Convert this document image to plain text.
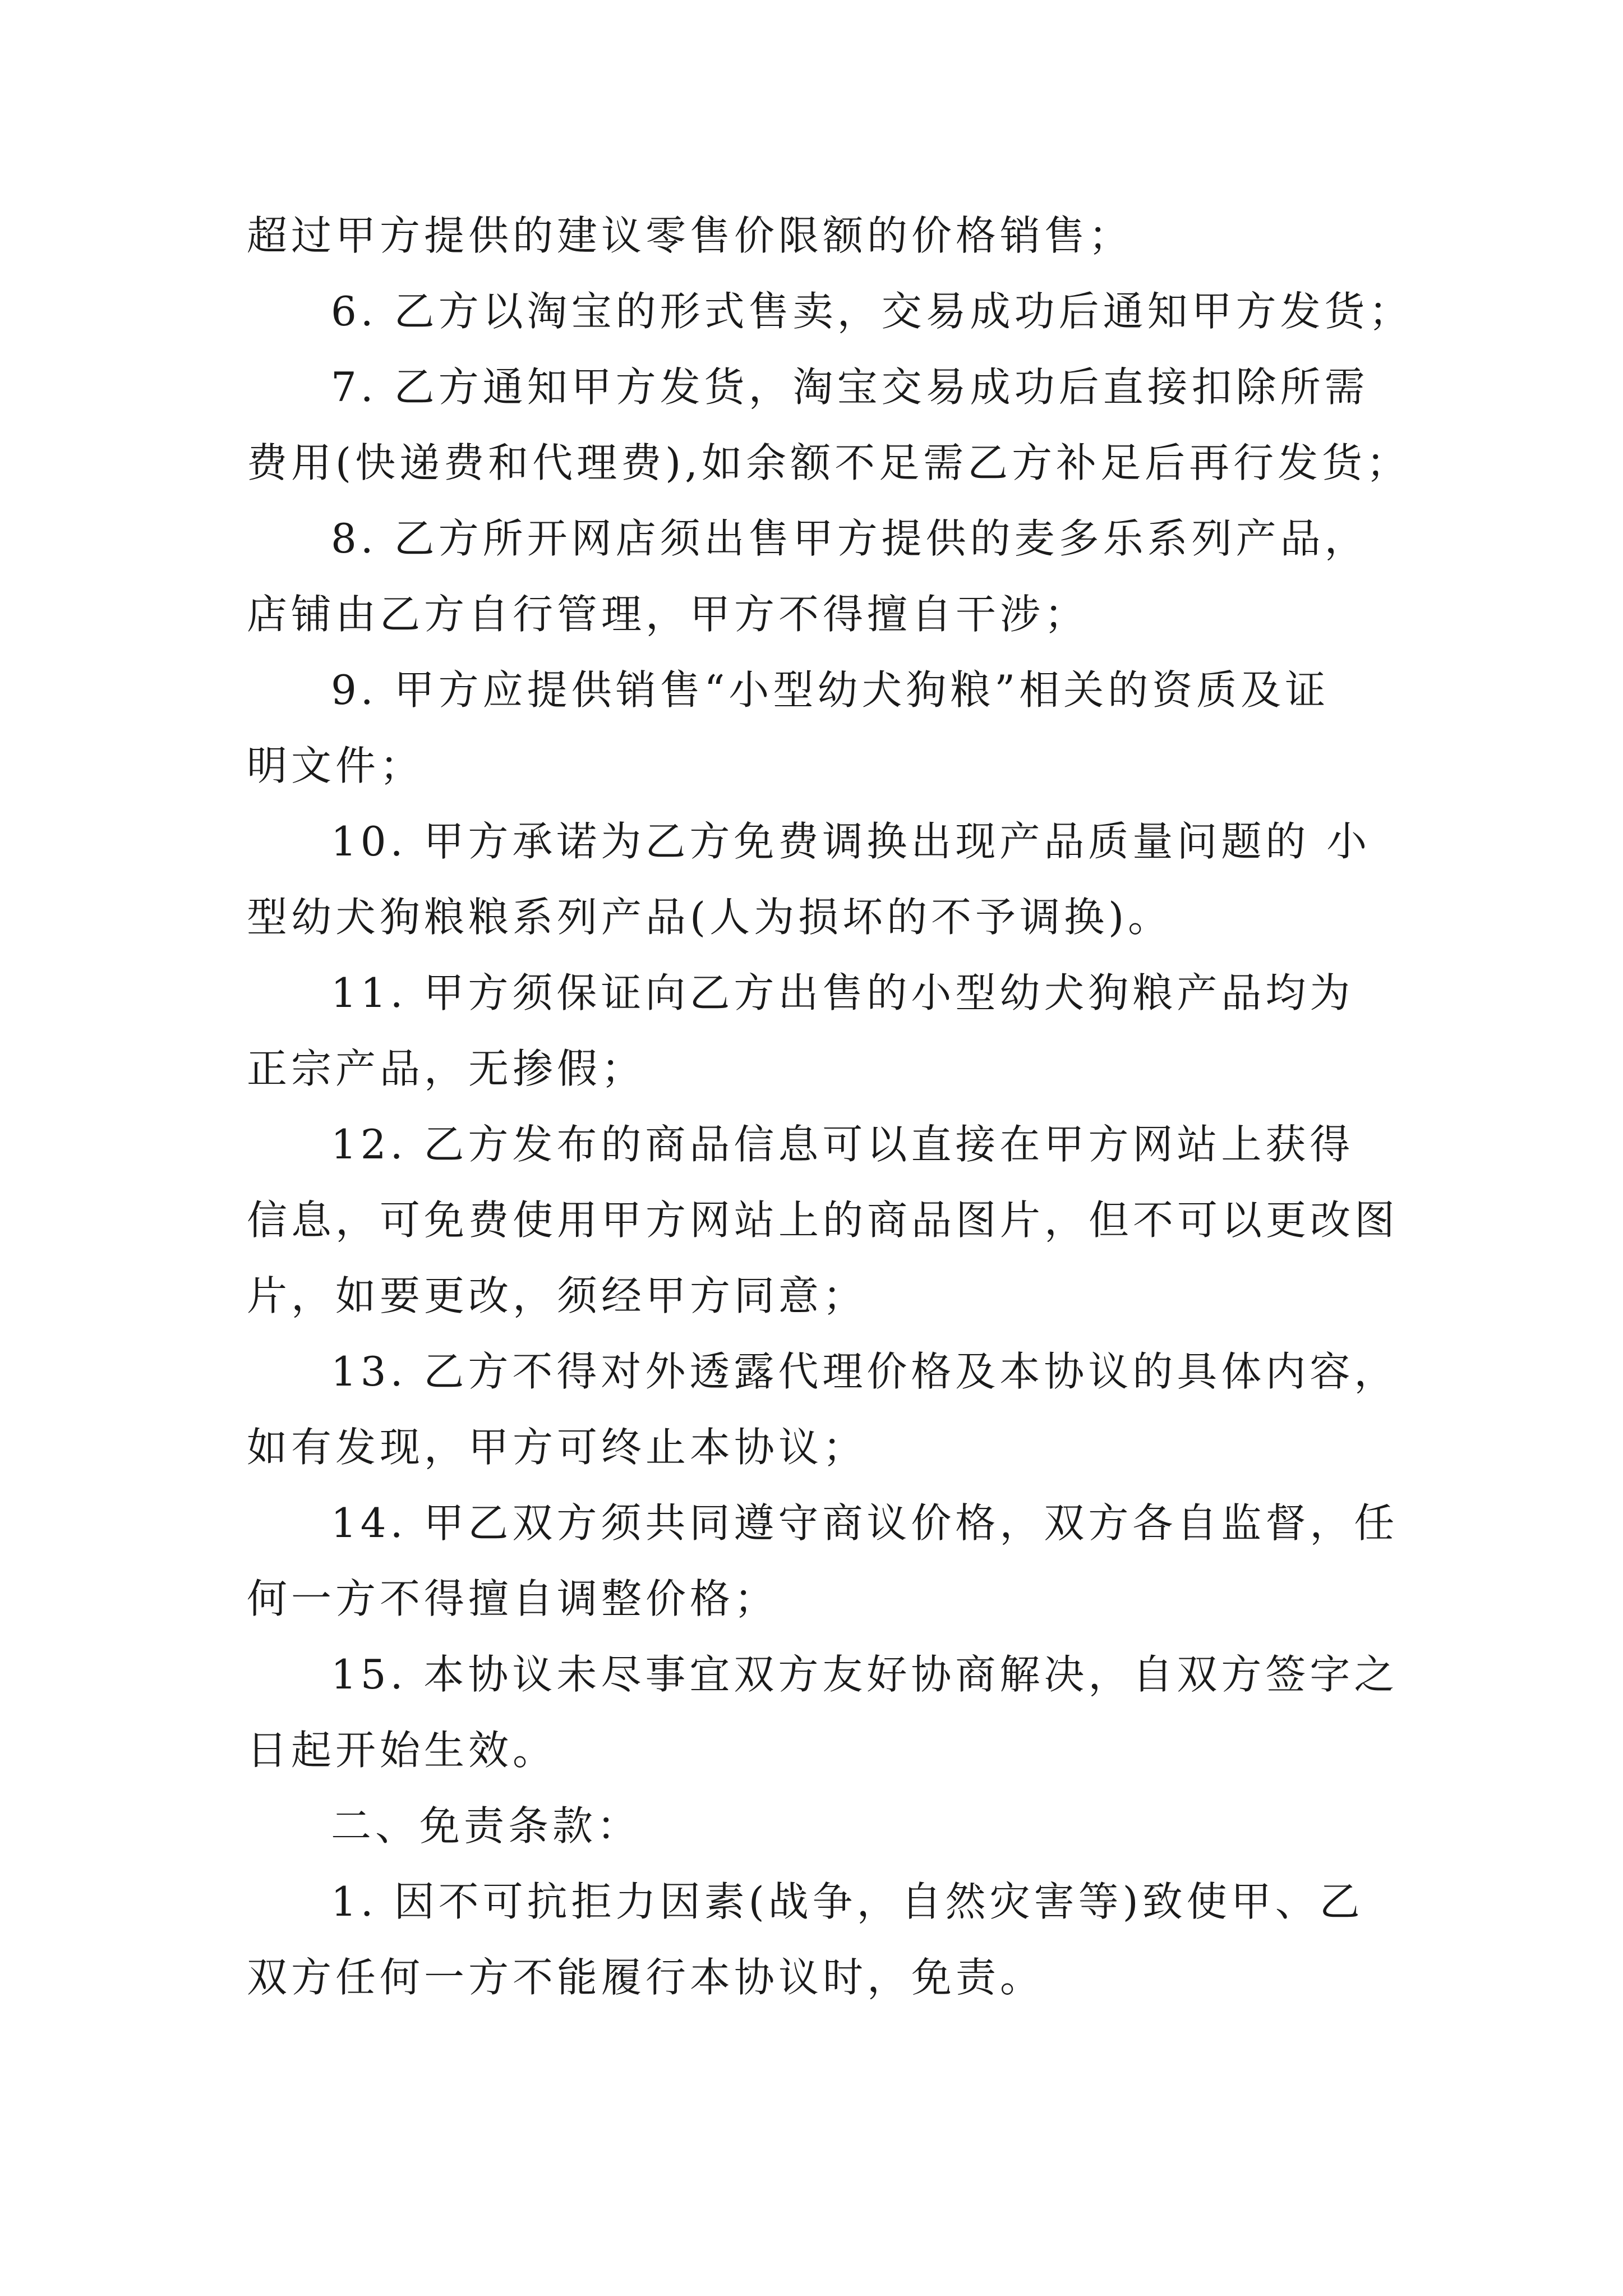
超过甲方提供的建议零售价限额的价格销售；
6. 乙方以淘宝的形式售卖，交易成功后通知甲方发货；
7. 乙方通知甲方发货，淘宝交易成功后直接扣除所需
费用(快递费和代理费),如余额不足需乙方补足后再行发货；
8. 乙方所开网店须出售甲方提供的麦多乐系列产品，
店铺由乙方自行管理，甲方不得擅自干涉；
9. 甲方应提供销售“小型幼犬狗粮”相关的资质及证
明文件；
10. 甲方承诺为乙方免费调换出现产品质量问题的 小
型幼犬狗粮粮系列产品(人为损坏的不予调换)。
11. 甲方须保证向乙方出售的小型幼犬狗粮产品均为
正宗产品，无掺假；
12. 乙方发布的商品信息可以直接在甲方网站上获得
信息，可免费使用甲方网站上的商品图片，但不可以更改图
片，如要更改，须经甲方同意；
13. 乙方不得对外透露代理价格及本协议的具体内容，
如有发现，甲方可终止本协议；
14. 甲乙双方须共同遵守商议价格，双方各自监督，任
何一方不得擅自调整价格；
15. 本协议未尽事宜双方友好协商解决，自双方签字之
日起开始生效。
二、免责条款：
1. 因不可抗拒力因素(战争，自然灾害等)致使甲、乙
双方任何一方不能履行本协议时，免责。
